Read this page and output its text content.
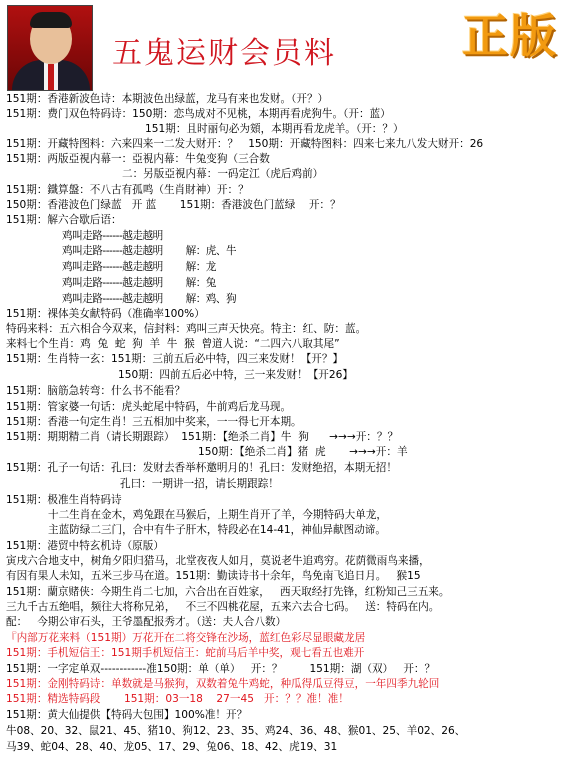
五鬼运财会员料	正版
151期：香港新波色诗：本期波色出绿蓝，龙马有来也发财。（开？）
151期：费门双色特码诗：150期：恋鸟成对不见桃，本期再看虎狗牛。（开：蓝）
151期：且时丽句必为頞，本期再看龙虎羊。（开：？）
151期：开藏特图料：六来四来一二发大财开：？   150期：开藏特图料：四来七来九八发大财开：26
151期：两版亞視内幕一：亞視内幕：牛兔变狗（三合数
二：另版亞視内幕：一码定江（虎后鸡前）
151期：鐵算盤：不八古有孤鸣（生肖財神）开：？
150期：香港波色门绿蓝   开 蓝       151期：香港波色门蓝绿    开：？
151期：解六合歇后语：
鸡叫走路------越走越明
鸡叫走路------越走越明        解：虎、牛
鸡叫走路------越走越明        解：龙
鸡叫走路------越走越明        解：兔
鸡叫走路------越走越明        解：鸡、狗
151期：裸体美女献特码（准确率100%）
特码来料：五六相合今双来，信封料：鸡叫三声天快亮。特主：红、防：蓝。
来料七个生肖：鸡  兔  蛇  狗  羊  牛  猴  曾道人说：“二四六八取其尾”
151期：生肖特一玄：151期：三前五后必中特，四三来发财！【开？】
150期：四前五后必中特，三一来发财！【开26】
151期：脑筋急转弯：什么书不能看？
151期：管家婆一句话：虎头蛇尾中特码，牛前鸡后龙马现。
151期：香港一句定生肖！三五相加中奖来，一一得七开本期。
151期：期期精二肖（请长期跟踪）  151期：【绝杀二肖】牛  狗      →→→开：？？
150期：【绝杀二肖】猪  虎       →→→开：羊
151期：孔子一句话：孔曰：发财去香举杯邀明月的！孔曰：发财绝招，本期无招！
孔曰：一期讲一招，请长期跟踪！
151期：极准生肖特码诗
十二生肖在金木，鸡兔跟在马猴后，上期生肖开了羊，今期特码大单龙，
主蓝防绿二三门，合中有牛子肝木，特段必在14-41，神仙异献图动谛。
151期：港贸中特玄机诗（原版）
寅戌六合地支中，树角夕阳归猎马，北堂夜夜人如月，莫说老牛追鸡穷。花荫微雨鸟来播，
有因有果人未知，五米三步马在道。151期：勤读诗书十余年，鸟免南飞追日月。   猴15
151期：蘭京赌侠：今期生肖二七加，六合出在百姓家，   西天取经打先锋，红粉知己三五来。
三九千古五绝唱，频往大将称兄弟，   不三不四桃花屋，五来六去合七码。   送：特码在内。
配：   今期公审石头，王爷墨配报秀才。（送：夫人合八数）
『内部万花来料（151期）万花开在二将交锋在沙场，蓝红色彩尽显眼藏龙居
151期：手机短信王：151期手机短信王：蛇前马后羊中奖，观七看五也难开
151期：一字定单双------------准150期：单（单）   开：？        151期：湖（双）   开：？
151期：金刚特码诗：单数就是马猴狗，双数着兔牛鸡蛇，种瓜得瓜豆得豆，一年四季九轮回
151期：精选特码段       151期：03一18    27一45   开：？？准！准！
151期：黄大仙提供【特码大包围】100%准！开？
牛08、20、32、鼠21、45、猪10、狗12、23、35、鸡24、36、48、猴01、25、羊02、26、
马39、蛇04、28、40、龙05、17、29、兔06、18、42、虎19、31
